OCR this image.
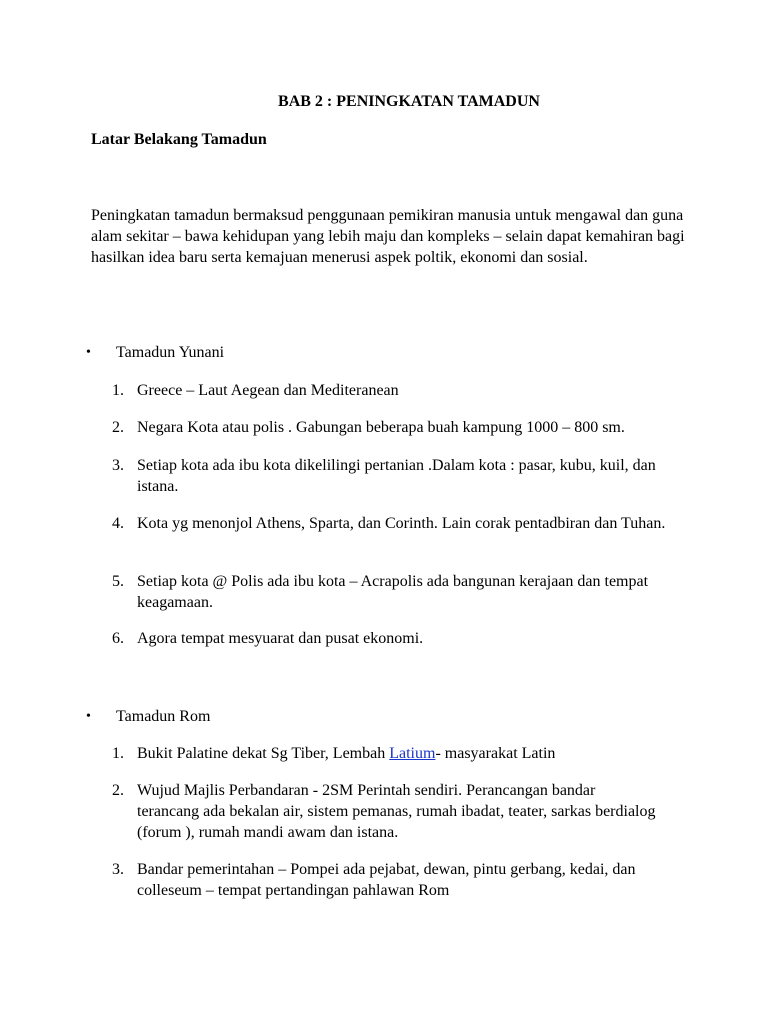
BAB 2 : PENINGKATAN TAMADUN
Latar Belakang Tamadun

Peningkatan tamadun bermaksud penggunaan pemikiran manusia untuk mengawal dan guna alam sekitar – bawa kehidupan yang lebih maju dan kompleks – selain dapat kemahiran bagi hasilkan idea baru serta kemajuan menerusi aspek poltik, ekonomi dan sosial.

• Tamadun Yunani
1. Greece – Laut Aegean dan Mediteranean
2. Negara Kota atau polis . Gabungan beberapa buah kampung 1000 – 800 sm.
3. Setiap kota ada ibu kota dikelilingi pertanian .Dalam kota : pasar, kubu, kuil, dan istana.
4. Kota yg menonjol Athens, Sparta, dan Corinth. Lain corak pentadbiran dan Tuhan.
5. Setiap kota @ Polis ada ibu kota – Acrapolis ada bangunan kerajaan dan tempat keagamaan.
6. Agora tempat mesyuarat dan pusat ekonomi.
• Tamadun Rom
1. Bukit Palatine dekat Sg Tiber, Lembah Latium- masyarakat Latin
2. Wujud Majlis Perbandaran - 2SM Perintah sendiri. Perancangan bandar terancang ada bekalan air, sistem pemanas, rumah ibadat, teater, sarkas berdialog (forum ), rumah mandi awam dan istana.
3. Bandar pemerintahan – Pompei ada pejabat, dewan, pintu gerbang, kedai, dan colleseum – tempat pertandingan pahlawan Rom
